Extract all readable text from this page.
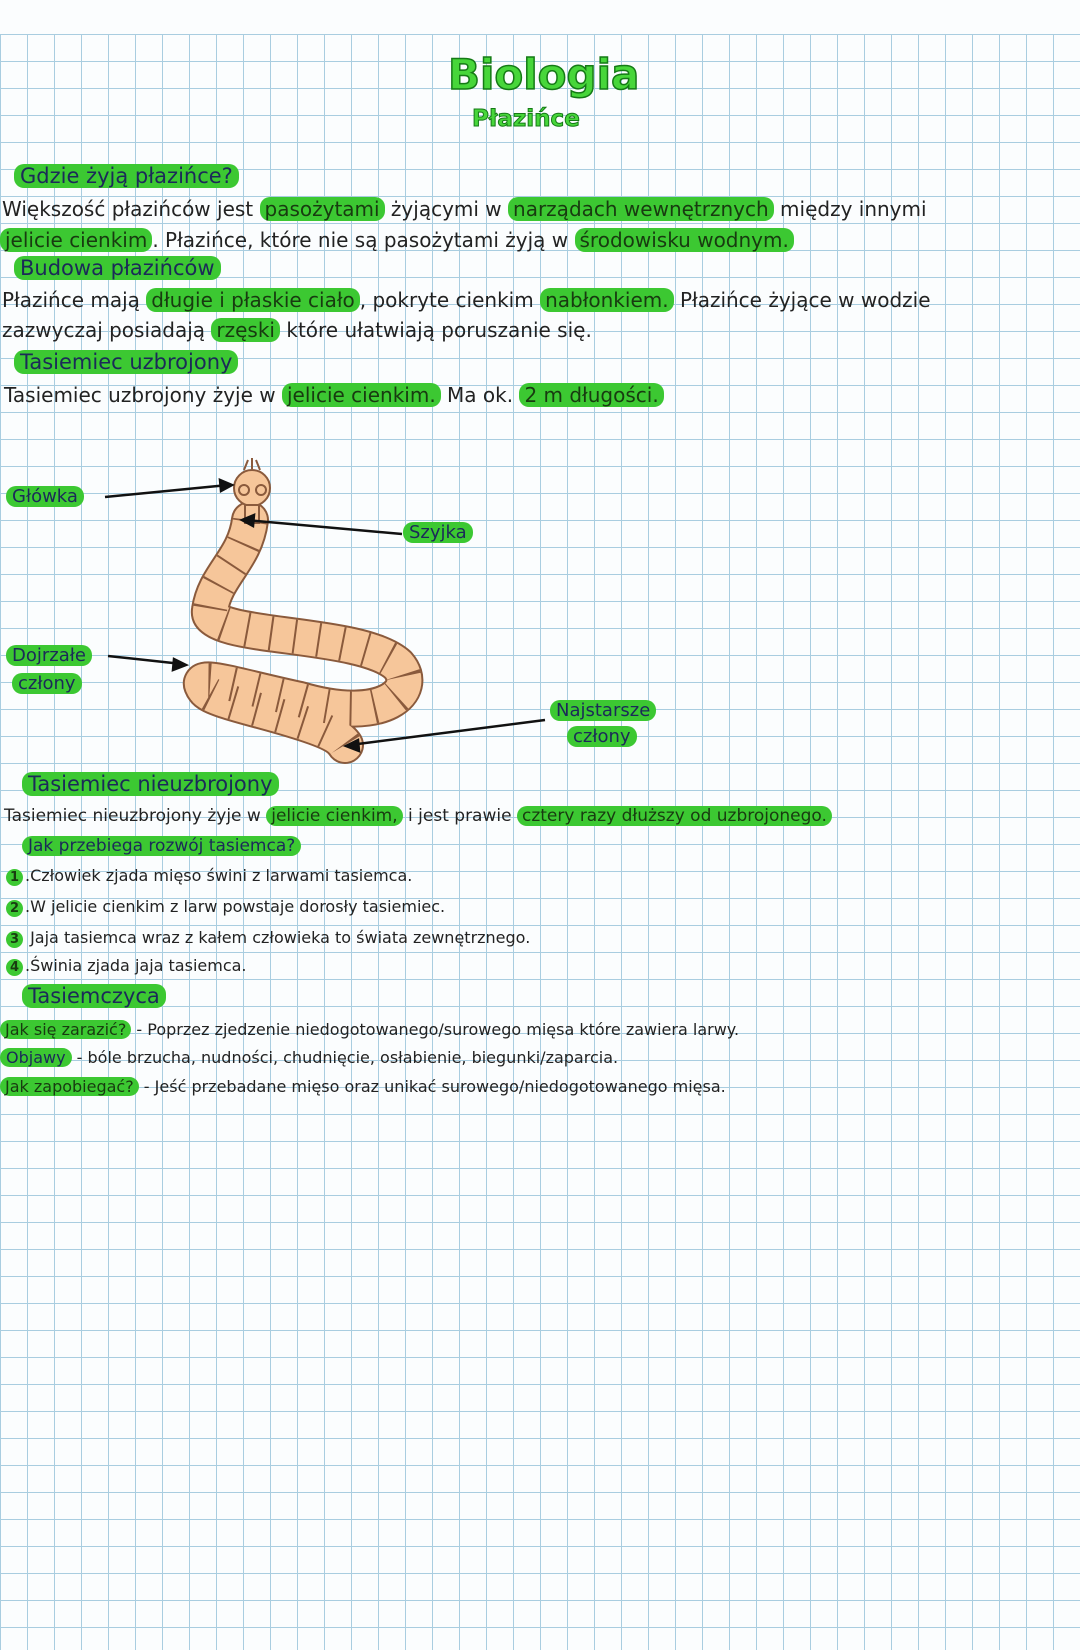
Biologia
Płazińce
Gdzie żyją płazińce?
Większość płazińców jest pasożytami żyjącymi w narządach wewnętrznych między innymi
jelicie cienkim . Płazińce, które nie są pasożytami żyją w środowisku wodnym.
Budowa płazińców
Płazińce mają długie i płaskie ciało , pokryte cienkim nabłonkiem. Płazińce żyjące w wodzie
zazwyczaj posiadają rzęski które ułatwiają poruszanie się.
Tasiemiec uzbrojony
Tasiemiec uzbrojony żyje w jelicie cienkim. Ma ok. 2 m długości.
Główka
Szyjka
Dojrzałe
człony
Najstarsze
człony
Tasiemiec nieuzbrojony
Tasiemiec nieuzbrojony żyje w jelicie cienkim, i jest prawie cztery razy dłuższy od uzbrojonego.
Jak przebiega rozwój tasiemca?
1 .Człowiek zjada mięso świni z larwami tasiemca.
2 .W jelicie cienkim z larw powstaje dorosły tasiemiec.
3 Jaja tasiemca wraz z kałem człowieka to świata zewnętrznego.
4 .Świnia zjada jaja tasiemca.
Tasiemczyca
Jak się zarazić? - Poprzez zjedzenie niedogotowanego/surowego mięsa które zawiera larwy.
Objawy - bóle brzucha, nudności, chudnięcie, osłabienie, biegunki/zaparcia.
Jak zapobiegać? - Jeść przebadane mięso oraz unikać surowego/niedogotowanego mięsa.
